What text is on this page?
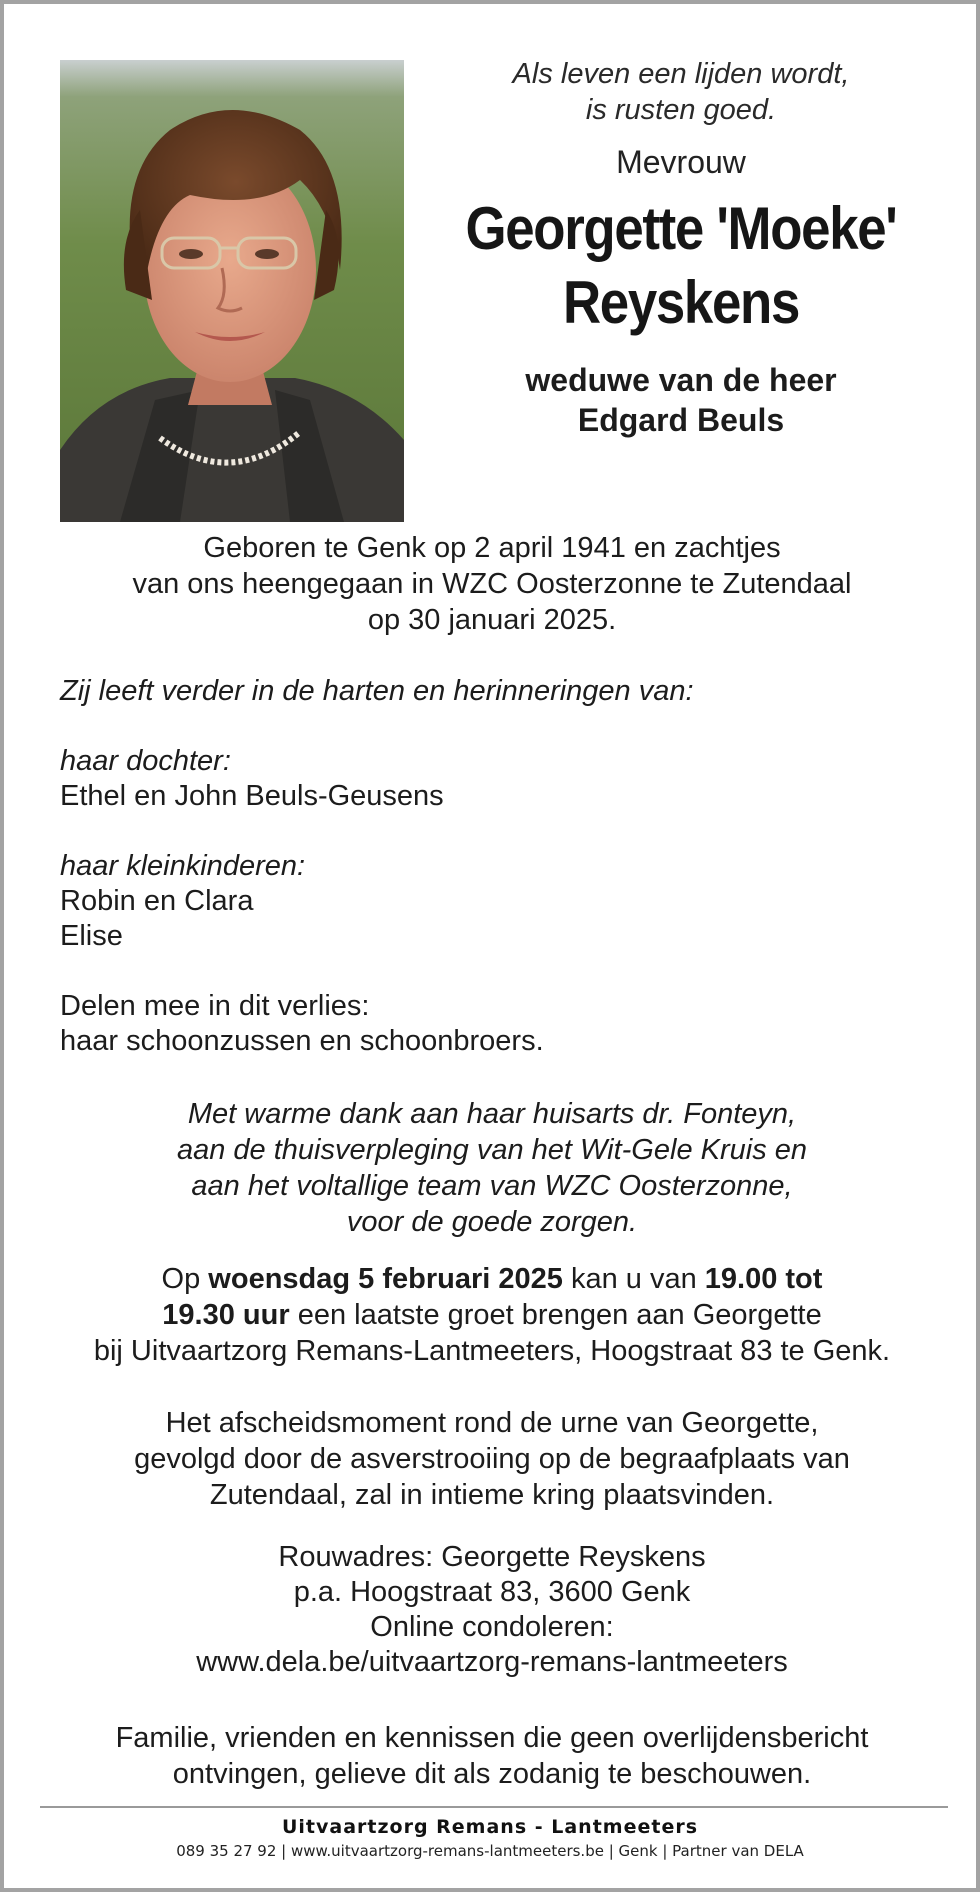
Als leven een lijden wordt,
is rusten goed.
Mevrouw
Georgette 'Moeke'
Reyskens
weduwe van de heer
Edgard Beuls
Geboren te Genk op 2 april 1941 en zachtjes
van ons heengegaan in WZC Oosterzonne te Zutendaal
op 30 januari 2025.
Zij leeft verder in de harten en herinneringen van:
haar dochter:
Ethel en John Beuls-Geusens
haar kleinkinderen:
Robin en Clara
Elise
Delen mee in dit verlies:
haar schoonzussen en schoonbroers.
Met warme dank aan haar huisarts dr. Fonteyn,
aan de thuisverpleging van het Wit-Gele Kruis en
aan het voltallige team van WZC Oosterzonne,
voor de goede zorgen.
Op woensdag 5 februari 2025 kan u van 19.00 tot
19.30 uur een laatste groet brengen aan Georgette
bij Uitvaartzorg Remans-Lantmeeters, Hoogstraat 83 te Genk.
Het afscheidsmoment rond de urne van Georgette,
gevolgd door de asverstrooiing op de begraafplaats van
Zutendaal, zal in intieme kring plaatsvinden.
Rouwadres: Georgette Reyskens
p.a. Hoogstraat 83, 3600 Genk
Online condoleren:
www.dela.be/uitvaartzorg-remans-lantmeeters
Familie, vrienden en kennissen die geen overlijdensbericht
ontvingen, gelieve dit als zodanig te beschouwen.
Uitvaartzorg Remans - Lantmeeters
089 35 27 92 | www.uitvaartzorg-remans-lantmeeters.be | Genk | Partner van DELA
